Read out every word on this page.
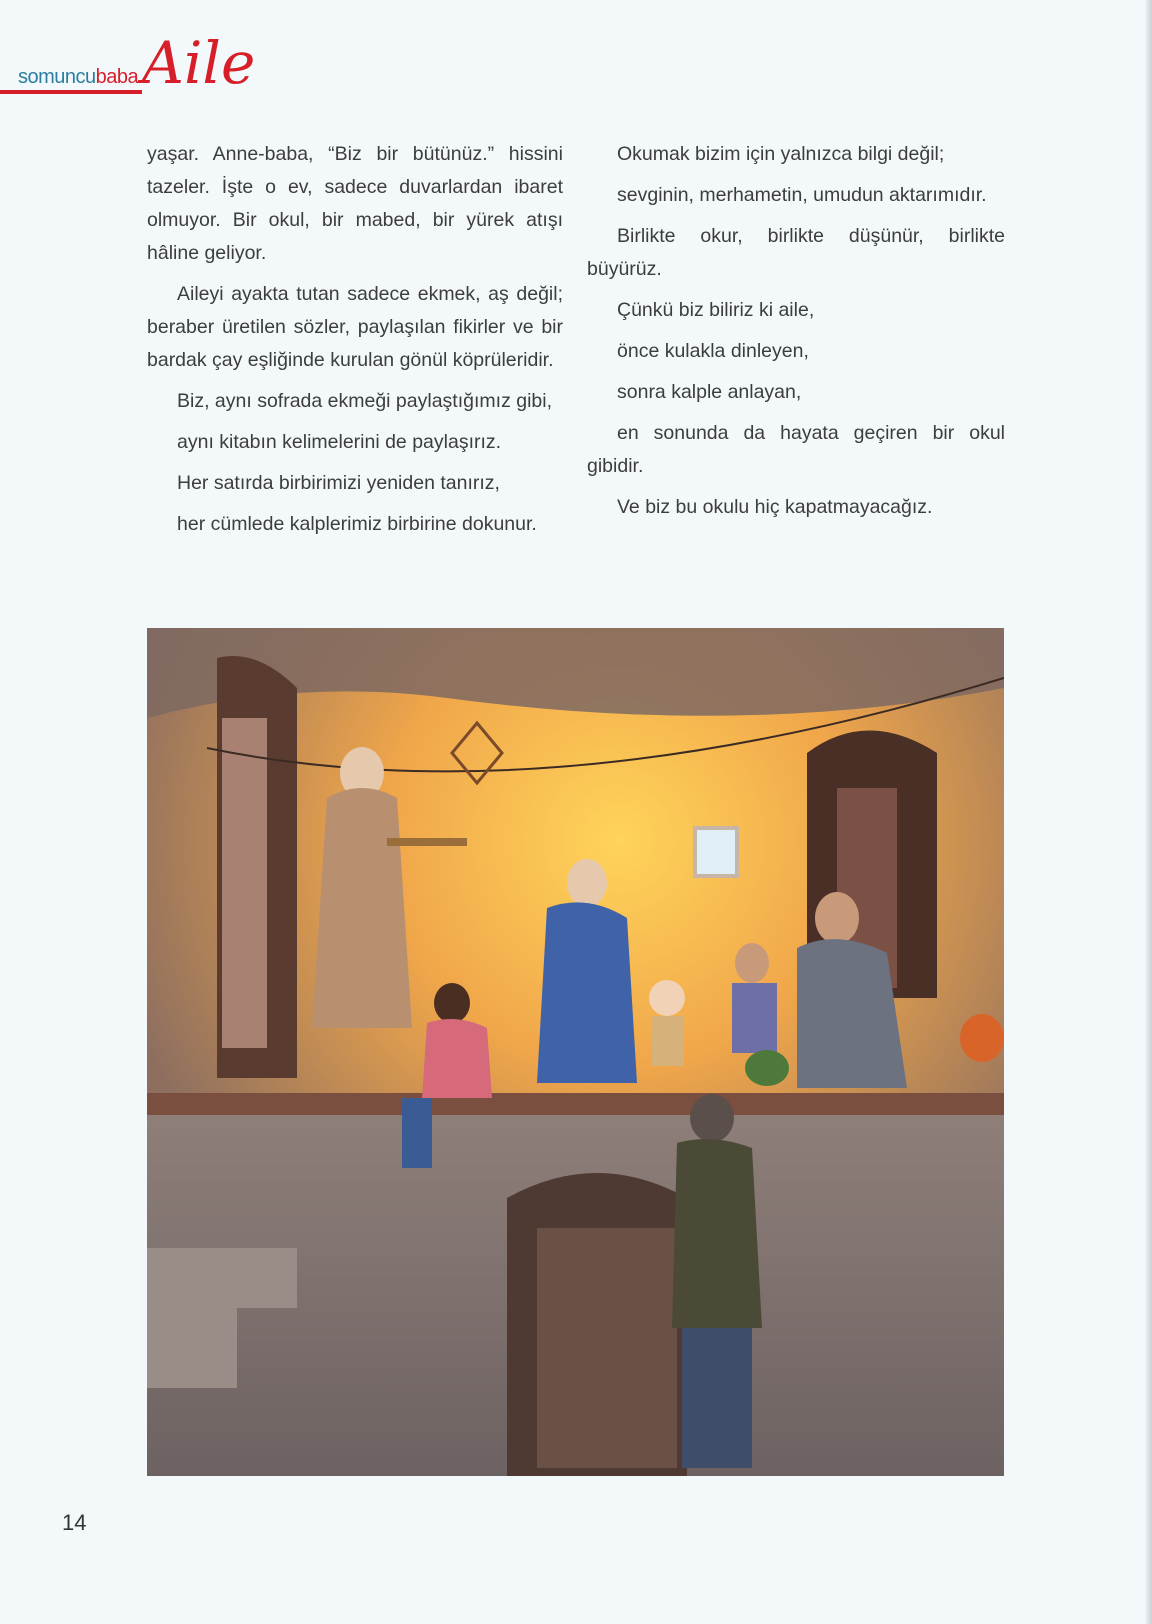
somuncubaba Aile

yaşar. Anne-baba, “Biz bir bütünüz.” hissini tazeler. İşte o ev, sadece duvarlardan ibaret olmuyor. Bir okul, bir mabed, bir yürek atışı hâline geliyor.

Aileyi ayakta tutan sadece ekmek, aş değil; beraber üretilen sözler, paylaşılan fikirler ve bir bardak çay eşliğinde kurulan gönül köprüleridir.

Biz, aynı sofrada ekmeği paylaştığımız gibi,

aynı kitabın kelimelerini de paylaşırız.

Her satırda birbirimizi yeniden tanırız,

her cümlede kalplerimiz birbirine dokunur.

Okumak bizim için yalnızca bilgi değil;

sevginin, merhametin, umudun aktarımıdır.

Birlikte okur, birlikte düşünür, birlikte büyürüz.

Çünkü biz biliriz ki aile,

önce kulakla dinleyen,

sonra kalple anlayan,

en sonunda da hayata geçiren bir okul gibidir.

Ve biz bu okulu hiç kapatmayacağız.

14
